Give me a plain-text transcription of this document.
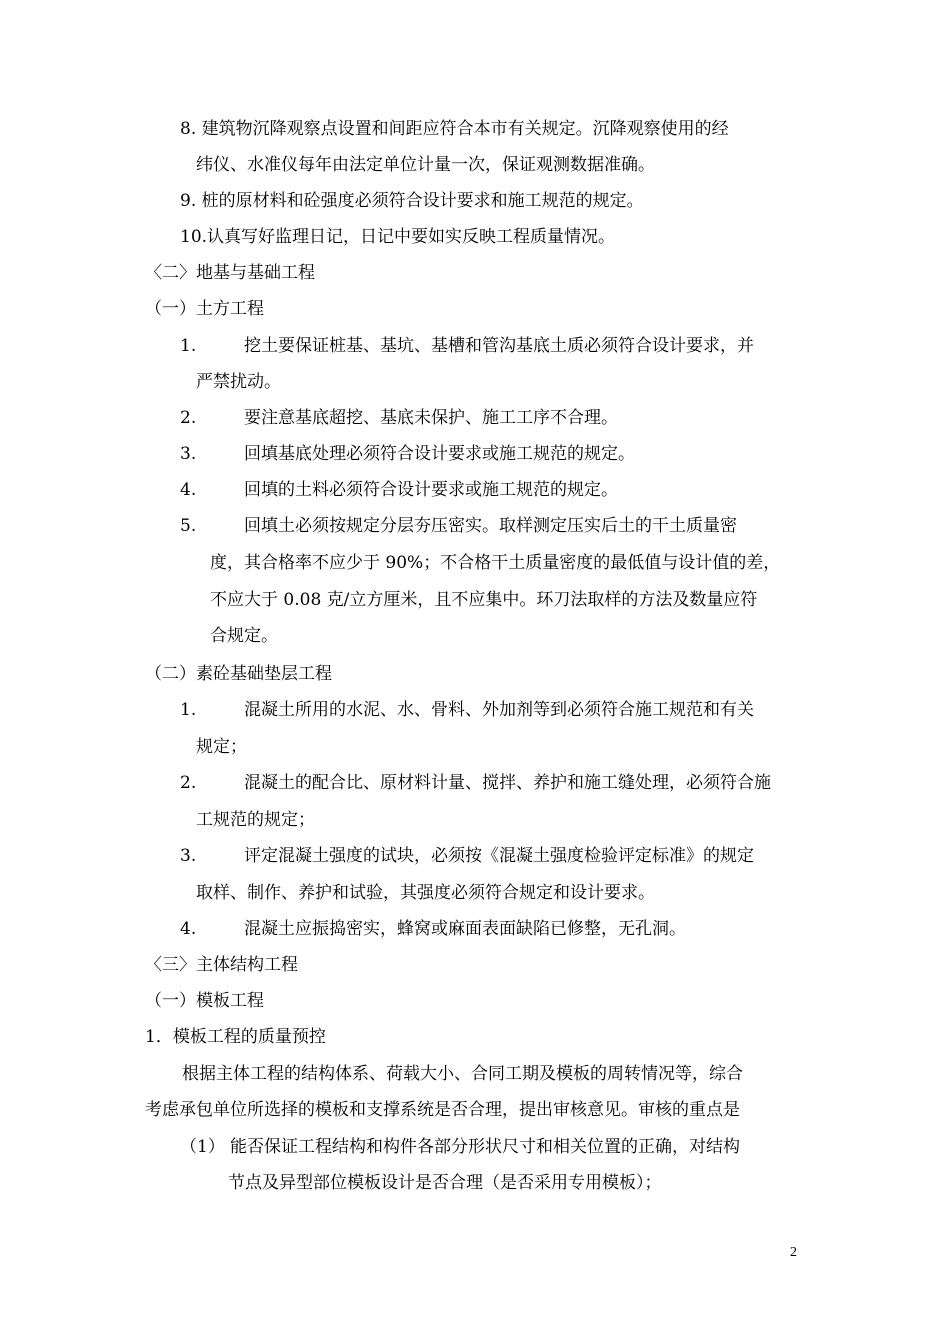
8. 建筑物沉降观察点设置和间距应符合本市有关规定。沉降观察使用的经
纬仪、水准仪每年由法定单位计量一次，保证观测数据准确。
9. 桩的原材料和砼强度必须符合设计要求和施工规范的规定。
10.认真写好监理日记，日记中要如实反映工程质量情况。
〈二〉地基与基础工程
（一）土方工程
1.	挖土要保证桩基、基坑、基槽和管沟基底土质必须符合设计要求，并
严禁扰动。
2.	要注意基底超挖、基底未保护、施工工序不合理。
3.	回填基底处理必须符合设计要求或施工规范的规定。
4.	回填的土料必须符合设计要求或施工规范的规定。
5.	回填土必须按规定分层夯压密实。取样测定压实后土的干土质量密
度，其合格率不应少于 90%；不合格干土质量密度的最低值与设计值的差，
不应大于 0.08 克/立方厘米，且不应集中。环刀法取样的方法及数量应符
合规定。
（二）素砼基础垫层工程
1.	混凝土所用的水泥、水、骨料、外加剂等到必须符合施工规范和有关
规定；
2.	混凝土的配合比、原材料计量、搅拌、养护和施工缝处理，必须符合施
工规范的规定；
3.	评定混凝土强度的试块，必须按《混凝土强度检验评定标准》的规定
取样、制作、养护和试验，其强度必须符合规定和设计要求。
4.	混凝土应振捣密实，蜂窝或麻面表面缺陷已修整，无孔洞。
〈三〉主体结构工程
（一）模板工程
1．模板工程的质量预控
根据主体工程的结构体系、荷载大小、合同工期及模板的周转情况等，综合
考虑承包单位所选择的模板和支撑系统是否合理，提出审核意见。审核的重点是
（1） 能否保证工程结构和构件各部分形状尺寸和相关位置的正确，对结构
节点及异型部位模板设计是否合理（是否采用专用模板）；
2
